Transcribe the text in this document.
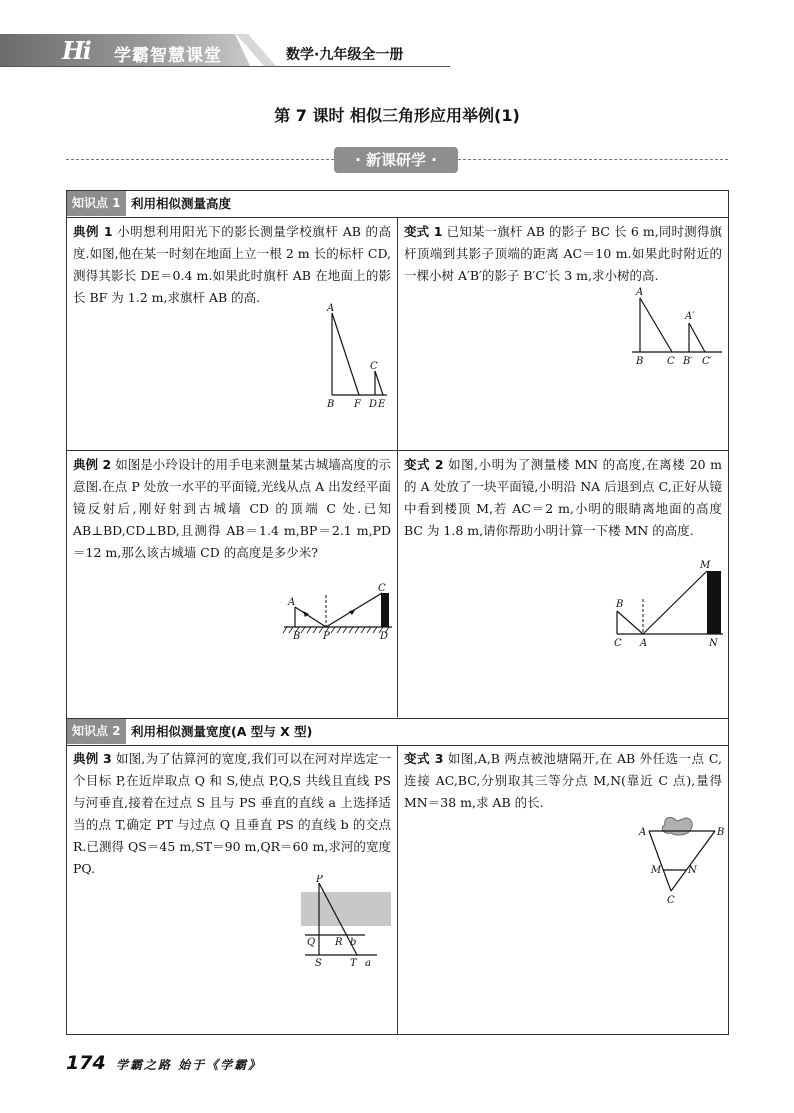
Hi 学霸智慧课堂	数学·九年级全一册
第 7 课时 相似三角形应用举例(1)
· 新课研学 ·
知识点 1 利用相似测量高度
典例 1 小明想利用阳光下的影长测量学校旗杆 AB 的高度.如图,他在某一时刻在地面上立一根 2 m 长的标杆 CD,测得其影长 DE＝0.4 m.如果此时旗杆 AB 在地面上的影长 BF 为 1.2 m,求旗杆 AB 的高.
A
B F
C
D E
变式 1 已知某一旗杆 AB 的影子 BC 长 6 m,同时测得旗杆顶端到其影子顶端的距离 AC＝10 m.如果此时附近的一棵小树 A′B′的影子 B′C′长 3 m,求小树的高.
A
B C
A′
B′ C′
典例 2 如图是小玲设计的用手电来测量某古城墙高度的示意图.在点 P 处放一水平的平面镜,光线从点 A 出发经平面镜反射后,刚好射到古城墙 CD 的顶端 C 处.已知 AB⊥BD,CD⊥BD,且测得 AB＝1.4 m,BP＝2.1 m,PD＝12 m,那么该古城墙 CD 的高度是多少米?
A
B P
C
D
变式 2 如图,小明为了测量楼 MN 的高度,在离楼 20 m 的 A 处放了一块平面镜,小明沿 NA 后退到点 C,正好从镜中看到楼顶 M,若 AC＝2 m,小明的眼睛离地面的高度 BC 为 1.8 m,请你帮助小明计算一下楼 MN 的高度.
B
C A
M
N
知识点 2 利用相似测量宽度(A 型与 X 型)
典例 3 如图,为了估算河的宽度,我们可以在河对岸选定一个目标 P,在近岸取点 Q 和 S,使点 P,Q,S 共线且直线 PS 与河垂直,接着在过点 S 且与 PS 垂直的直线 a 上选择适当的点 T,确定 PT 与过点 Q 且垂直 PS 的直线 b 的交点 R.已测得 QS＝45 m,ST＝90 m,QR＝60 m,求河的宽度 PQ.
P
Q R b
S	T a
变式 3 如图,A,B 两点被池塘隔开,在 AB 外任选一点 C,连接 AC,BC,分别取其三等分点 M,N(靠近 C 点),量得 MN＝38 m,求 AB 的长.
A	B
M	N
C
174 学霸之路 始于《学霸》
